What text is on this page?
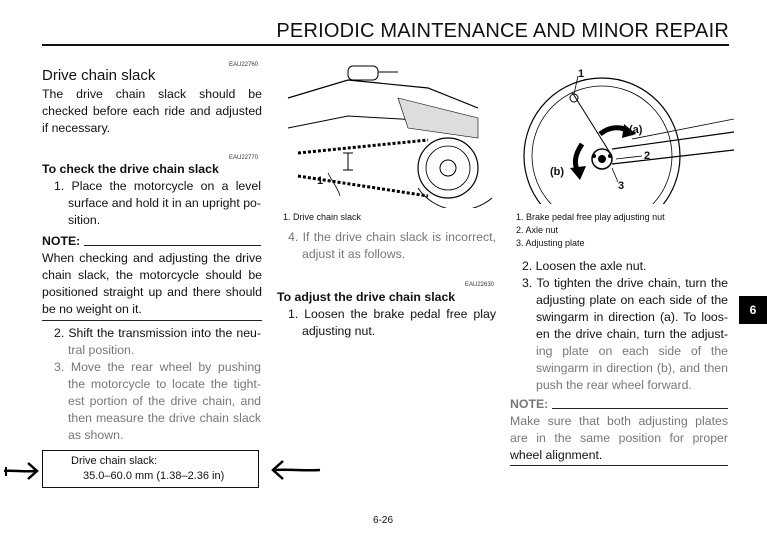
PERIODIC MAINTENANCE AND MINOR REPAIR
EAU22760
Drive chain slack
The drive chain slack should be
checked before each ride and adjusted
if necessary.
EAU22770
To check the drive chain slack
1. Place the motorcycle on a level
surface and hold it in an upright po-
sition.
NOTE:
When checking and adjusting the drive
chain slack, the motorcycle should be
positioned straight up and there should
be no weight on it.
2. Shift the transmission into the neu-
tral position.
3. Move the rear wheel by pushing
the motorcycle to locate the tight-
est portion of the drive chain, and
then measure the drive chain slack
as shown.
Drive chain slack:
35.0–60.0 mm (1.38–2.36 in)
1
1. Drive chain slack
4. If the drive chain slack is incorrect,
adjust it as follows.
EAU22630
To adjust the drive chain slack
1. Loosen the brake pedal free play
adjusting nut.
1
2
3
(a)
(b)
1. Brake pedal free play adjusting nut
2. Axle nut
3. Adjusting plate
2. Loosen the axle nut.
3. To tighten the drive chain, turn the
adjusting plate on each side of the
swingarm in direction (a). To loos-
en the drive chain, turn the adjust-
ing plate on each side of the
swingarm in direction (b), and then
push the rear wheel forward.
NOTE:
Make sure that both adjusting plates
are in the same position for proper
wheel alignment.
6
6-26
